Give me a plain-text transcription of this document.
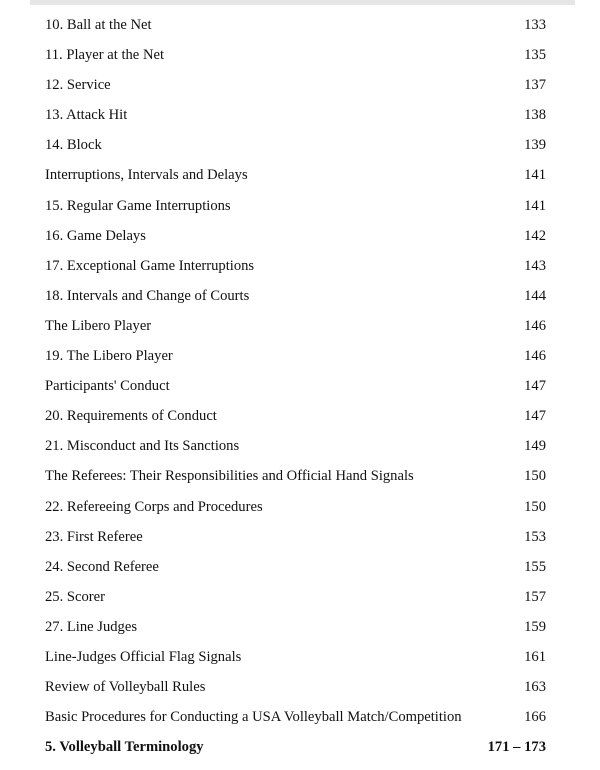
10. Ball at the Net	133
11. Player at the Net	135
12. Service	137
13. Attack Hit	138
14. Block	139
Interruptions, Intervals and Delays	141
15. Regular Game Interruptions	141
16. Game Delays	142
17. Exceptional Game Interruptions	143
18. Intervals and Change of Courts	144
The Libero Player	146
19. The Libero Player	146
Participants' Conduct	147
20. Requirements of Conduct	147
21. Misconduct and Its Sanctions	149
The Referees: Their Responsibilities and Official Hand Signals	150
22. Refereeing Corps and Procedures	150
23. First Referee	153
24. Second Referee	155
25. Scorer	157
27. Line Judges	159
Line-Judges Official Flag Signals	161
Review of Volleyball Rules	163
Basic Procedures for Conducting a USA Volleyball Match/Competition	166
5. Volleyball Terminology	171 – 173
